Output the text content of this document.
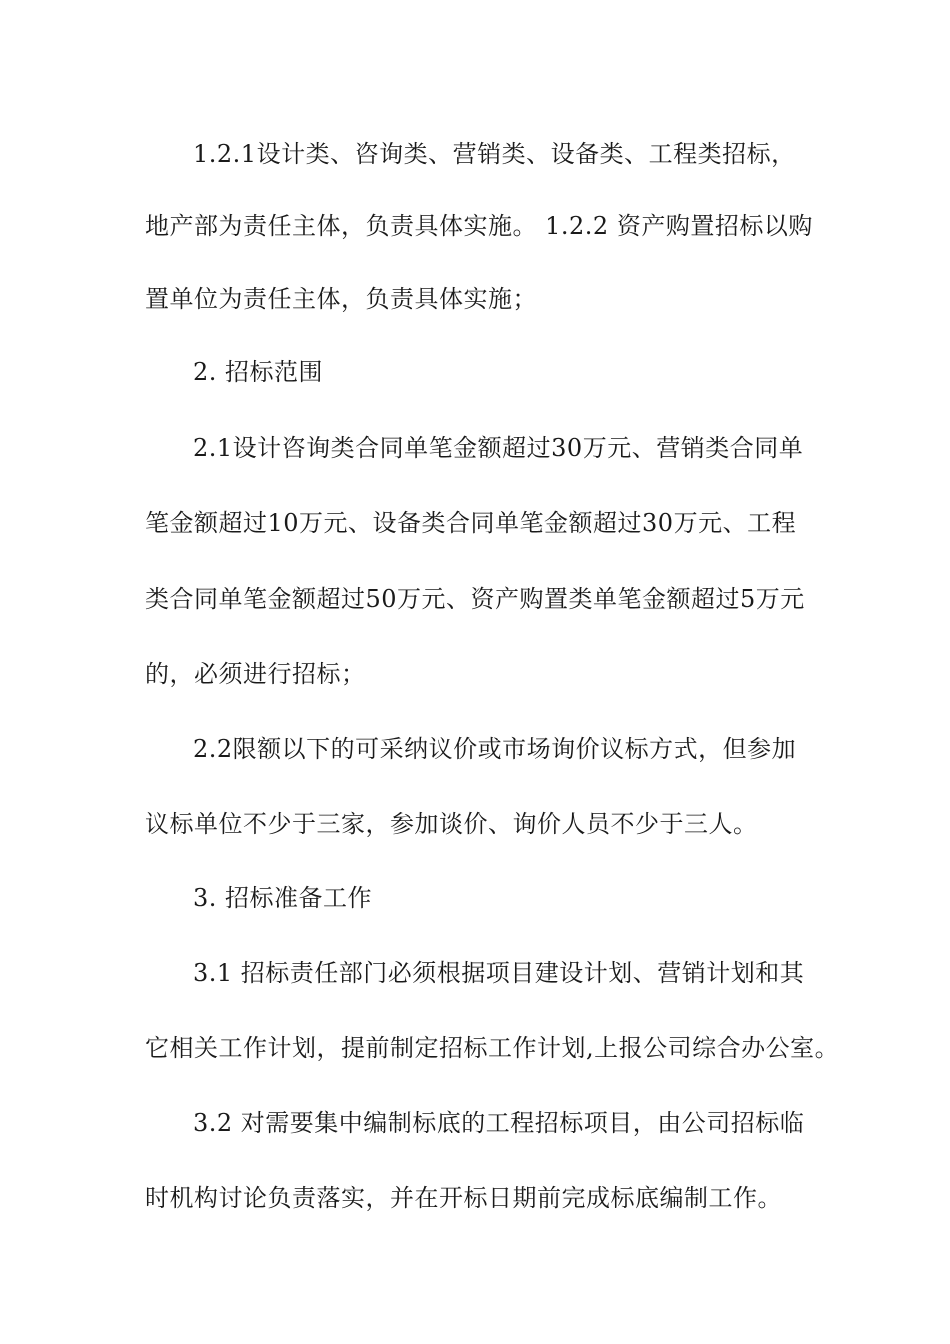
1.2.1设计类、咨询类、营销类、设备类、工程类招标，
地产部为责任主体，负责具体实施。 1.2.2 资产购置招标以购
置单位为责任主体，负责具体实施；
2. 招标范围
2.1设计咨询类合同单笔金额超过30万元、营销类合同单
笔金额超过10万元、设备类合同单笔金额超过30万元、工程
类合同单笔金额超过50万元、资产购置类单笔金额超过5万元
的，必须进行招标；
2.2限额以下的可采纳议价或市场询价议标方式，但参加
议标单位不少于三家，参加谈价、询价人员不少于三人。
3. 招标准备工作
3.1 招标责任部门必须根据项目建设计划、营销计划和其
它相关工作计划，提前制定招标工作计划,上报公司综合办公室。
3.2 对需要集中编制标底的工程招标项目，由公司招标临
时机构讨论负责落实，并在开标日期前完成标底编制工作。
